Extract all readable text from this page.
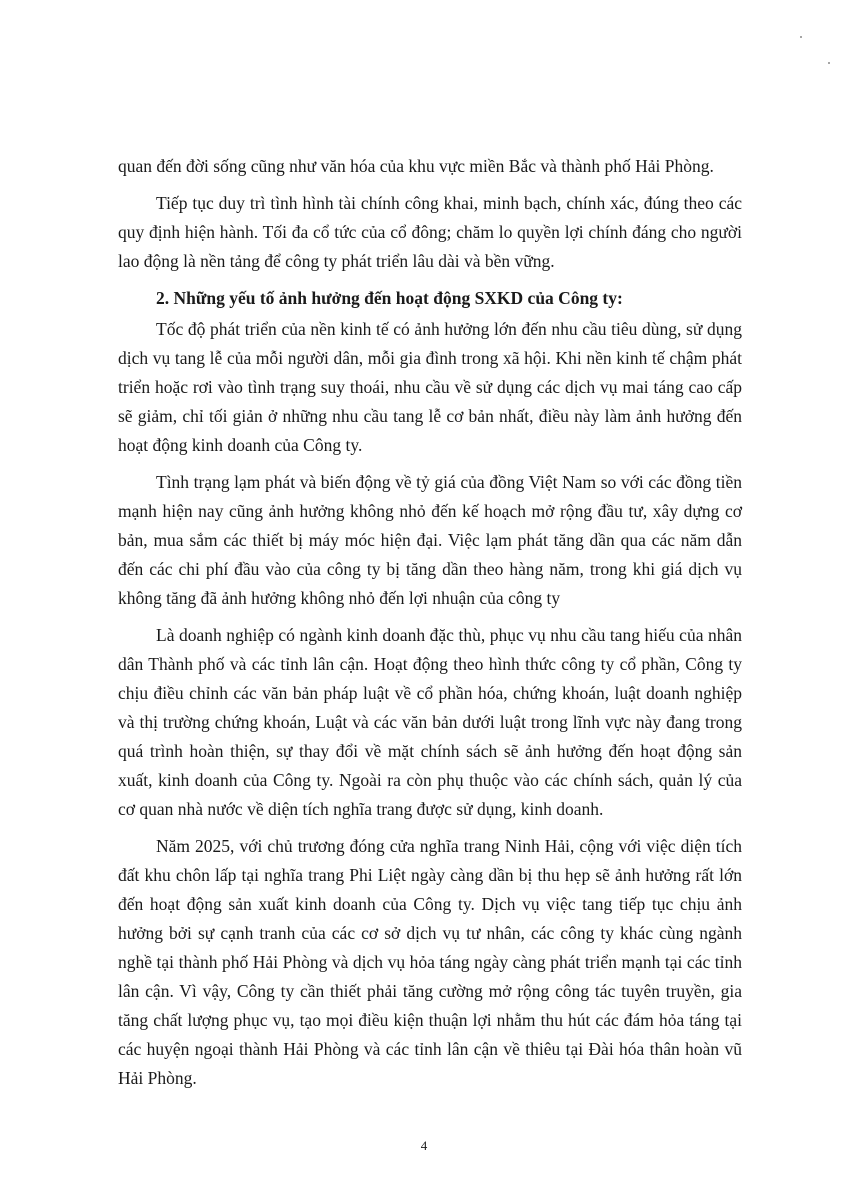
quan đến đời sống cũng như văn hóa của khu vực miền Bắc và thành phố Hải Phòng.

Tiếp tục duy trì tình hình tài chính công khai, minh bạch, chính xác, đúng theo các quy định hiện hành. Tối đa cổ tức của cổ đông; chăm lo quyền lợi chính đáng cho người lao động là nền tảng để công ty phát triển lâu dài và bền vững.

2. Những yếu tố ảnh hưởng đến hoạt động SXKD của Công ty:

Tốc độ phát triển của nền kinh tế có ảnh hưởng lớn đến nhu cầu tiêu dùng, sử dụng dịch vụ tang lễ của mỗi người dân, mỗi gia đình trong xã hội. Khi nền kinh tế chậm phát triển hoặc rơi vào tình trạng suy thoái, nhu cầu về sử dụng các dịch vụ mai táng cao cấp sẽ giảm, chỉ tối giản ở những nhu cầu tang lễ cơ bản nhất, điều này làm ảnh hưởng đến hoạt động kinh doanh của Công ty.

Tình trạng lạm phát và biến động về tỷ giá của đồng Việt Nam so với các đồng tiền mạnh hiện nay cũng ảnh hưởng không nhỏ đến kế hoạch mở rộng đầu tư, xây dựng cơ bản, mua sắm các thiết bị máy móc hiện đại. Việc lạm phát tăng dần qua các năm dẫn đến các chi phí đầu vào của công ty bị tăng dần theo hàng năm, trong khi giá dịch vụ không tăng đã ảnh hưởng không nhỏ đến lợi nhuận của công ty

Là doanh nghiệp có ngành kinh doanh đặc thù, phục vụ nhu cầu tang hiếu của nhân dân Thành phố và các tỉnh lân cận. Hoạt động theo hình thức công ty cổ phần, Công ty chịu điều chỉnh các văn bản pháp luật về cổ phần hóa, chứng khoán, luật doanh nghiệp và thị trường chứng khoán, Luật và các văn bản dưới luật trong lĩnh vực này đang trong quá trình hoàn thiện, sự thay đổi về mặt chính sách sẽ ảnh hưởng đến hoạt động sản xuất, kinh doanh của Công ty. Ngoài ra còn phụ thuộc vào các chính sách, quản lý của cơ quan nhà nước về diện tích nghĩa trang được sử dụng, kinh doanh.

Năm 2025, với chủ trương đóng cửa nghĩa trang Ninh Hải, cộng với việc diện tích đất khu chôn lấp tại nghĩa trang Phi Liệt ngày càng dần bị thu hẹp sẽ ảnh hưởng rất lớn đến hoạt động sản xuất kinh doanh của Công ty. Dịch vụ việc tang tiếp tục chịu ảnh hưởng bởi sự cạnh tranh của các cơ sở dịch vụ tư nhân, các công ty khác cùng ngành nghề tại thành phố Hải Phòng và dịch vụ hỏa táng ngày càng phát triển mạnh tại các tỉnh lân cận. Vì vậy, Công ty cần thiết phải tăng cường mở rộng công tác tuyên truyền, gia tăng chất lượng phục vụ, tạo mọi điều kiện thuận lợi nhằm thu hút các đám hỏa táng tại các huyện ngoại thành Hải Phòng và các tỉnh lân cận về thiêu tại Đài hóa thân hoàn vũ Hải Phòng.

4
